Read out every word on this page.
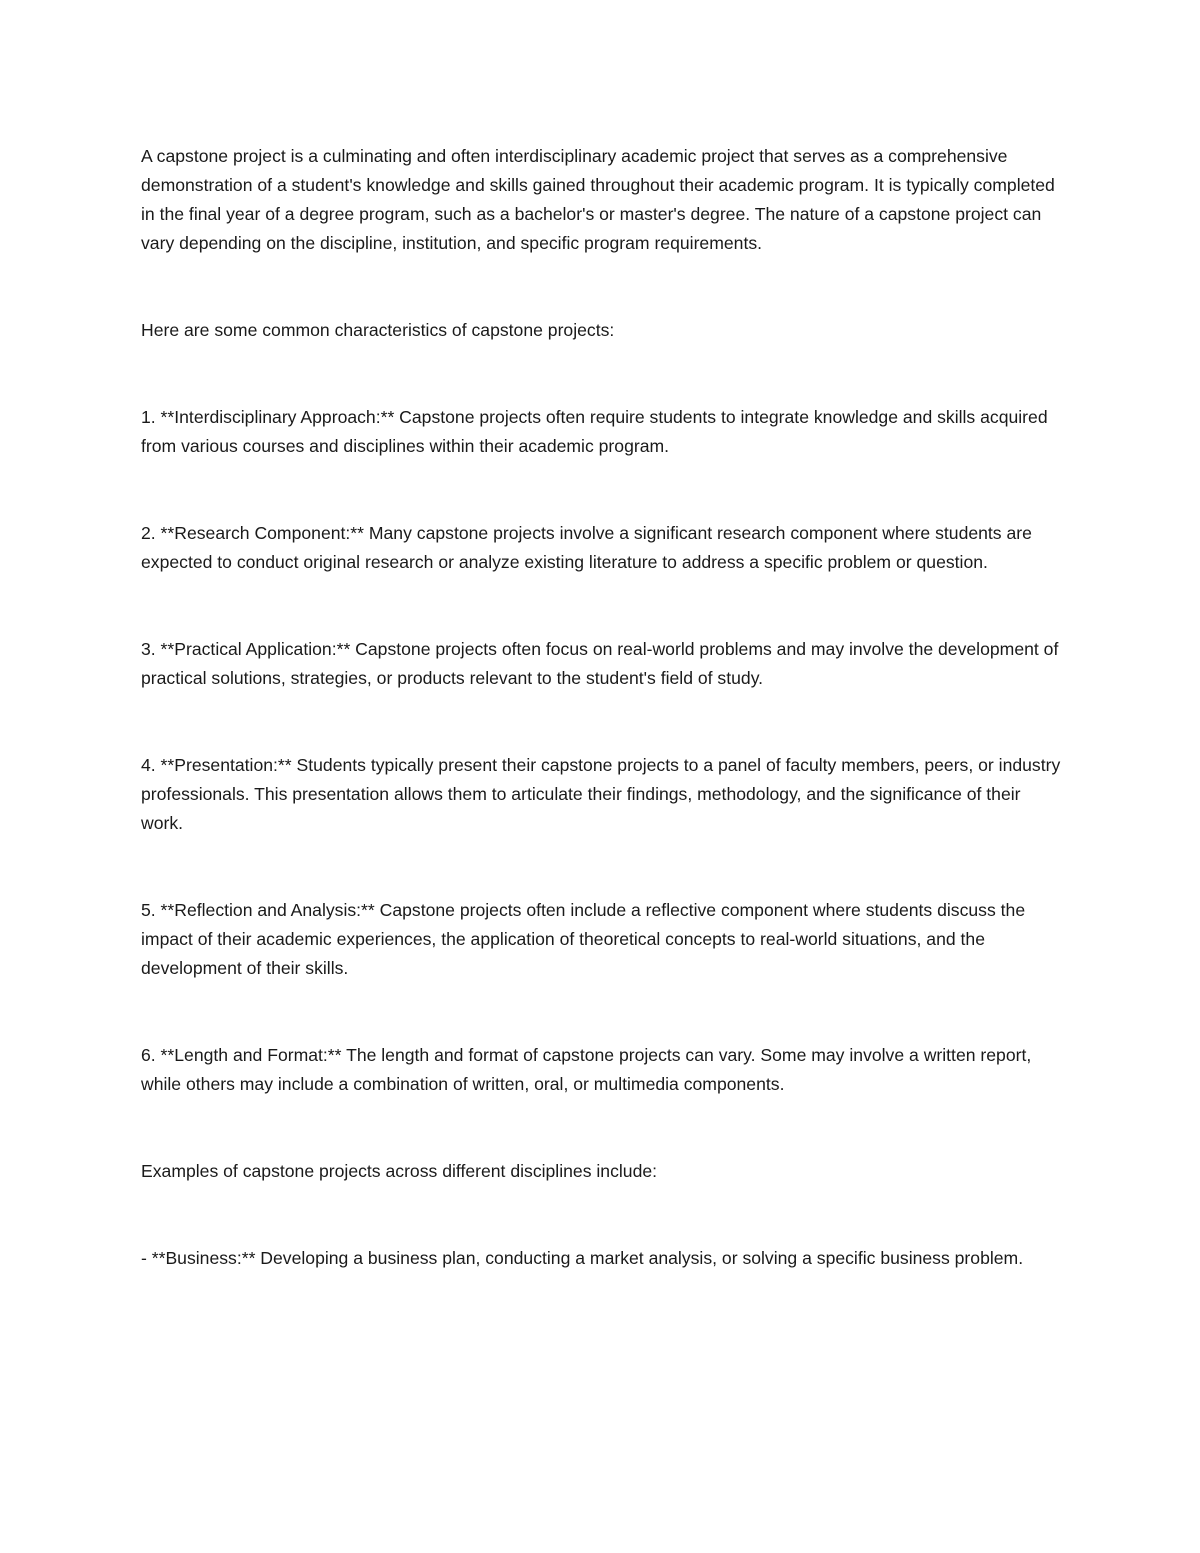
A capstone project is a culminating and often interdisciplinary academic project that serves as a comprehensive demonstration of a student's knowledge and skills gained throughout their academic program. It is typically completed in the final year of a degree program, such as a bachelor's or master's degree. The nature of a capstone project can vary depending on the discipline, institution, and specific program requirements.

Here are some common characteristics of capstone projects:

1. **Interdisciplinary Approach:** Capstone projects often require students to integrate knowledge and skills acquired from various courses and disciplines within their academic program.

2. **Research Component:** Many capstone projects involve a significant research component where students are expected to conduct original research or analyze existing literature to address a specific problem or question.

3. **Practical Application:** Capstone projects often focus on real-world problems and may involve the development of practical solutions, strategies, or products relevant to the student's field of study.

4. **Presentation:** Students typically present their capstone projects to a panel of faculty members, peers, or industry professionals. This presentation allows them to articulate their findings, methodology, and the significance of their work.

5. **Reflection and Analysis:** Capstone projects often include a reflective component where students discuss the impact of their academic experiences, the application of theoretical concepts to real-world situations, and the development of their skills.

6. **Length and Format:** The length and format of capstone projects can vary. Some may involve a written report, while others may include a combination of written, oral, or multimedia components.

Examples of capstone projects across different disciplines include:

- **Business:** Developing a business plan, conducting a market analysis, or solving a specific business problem.
